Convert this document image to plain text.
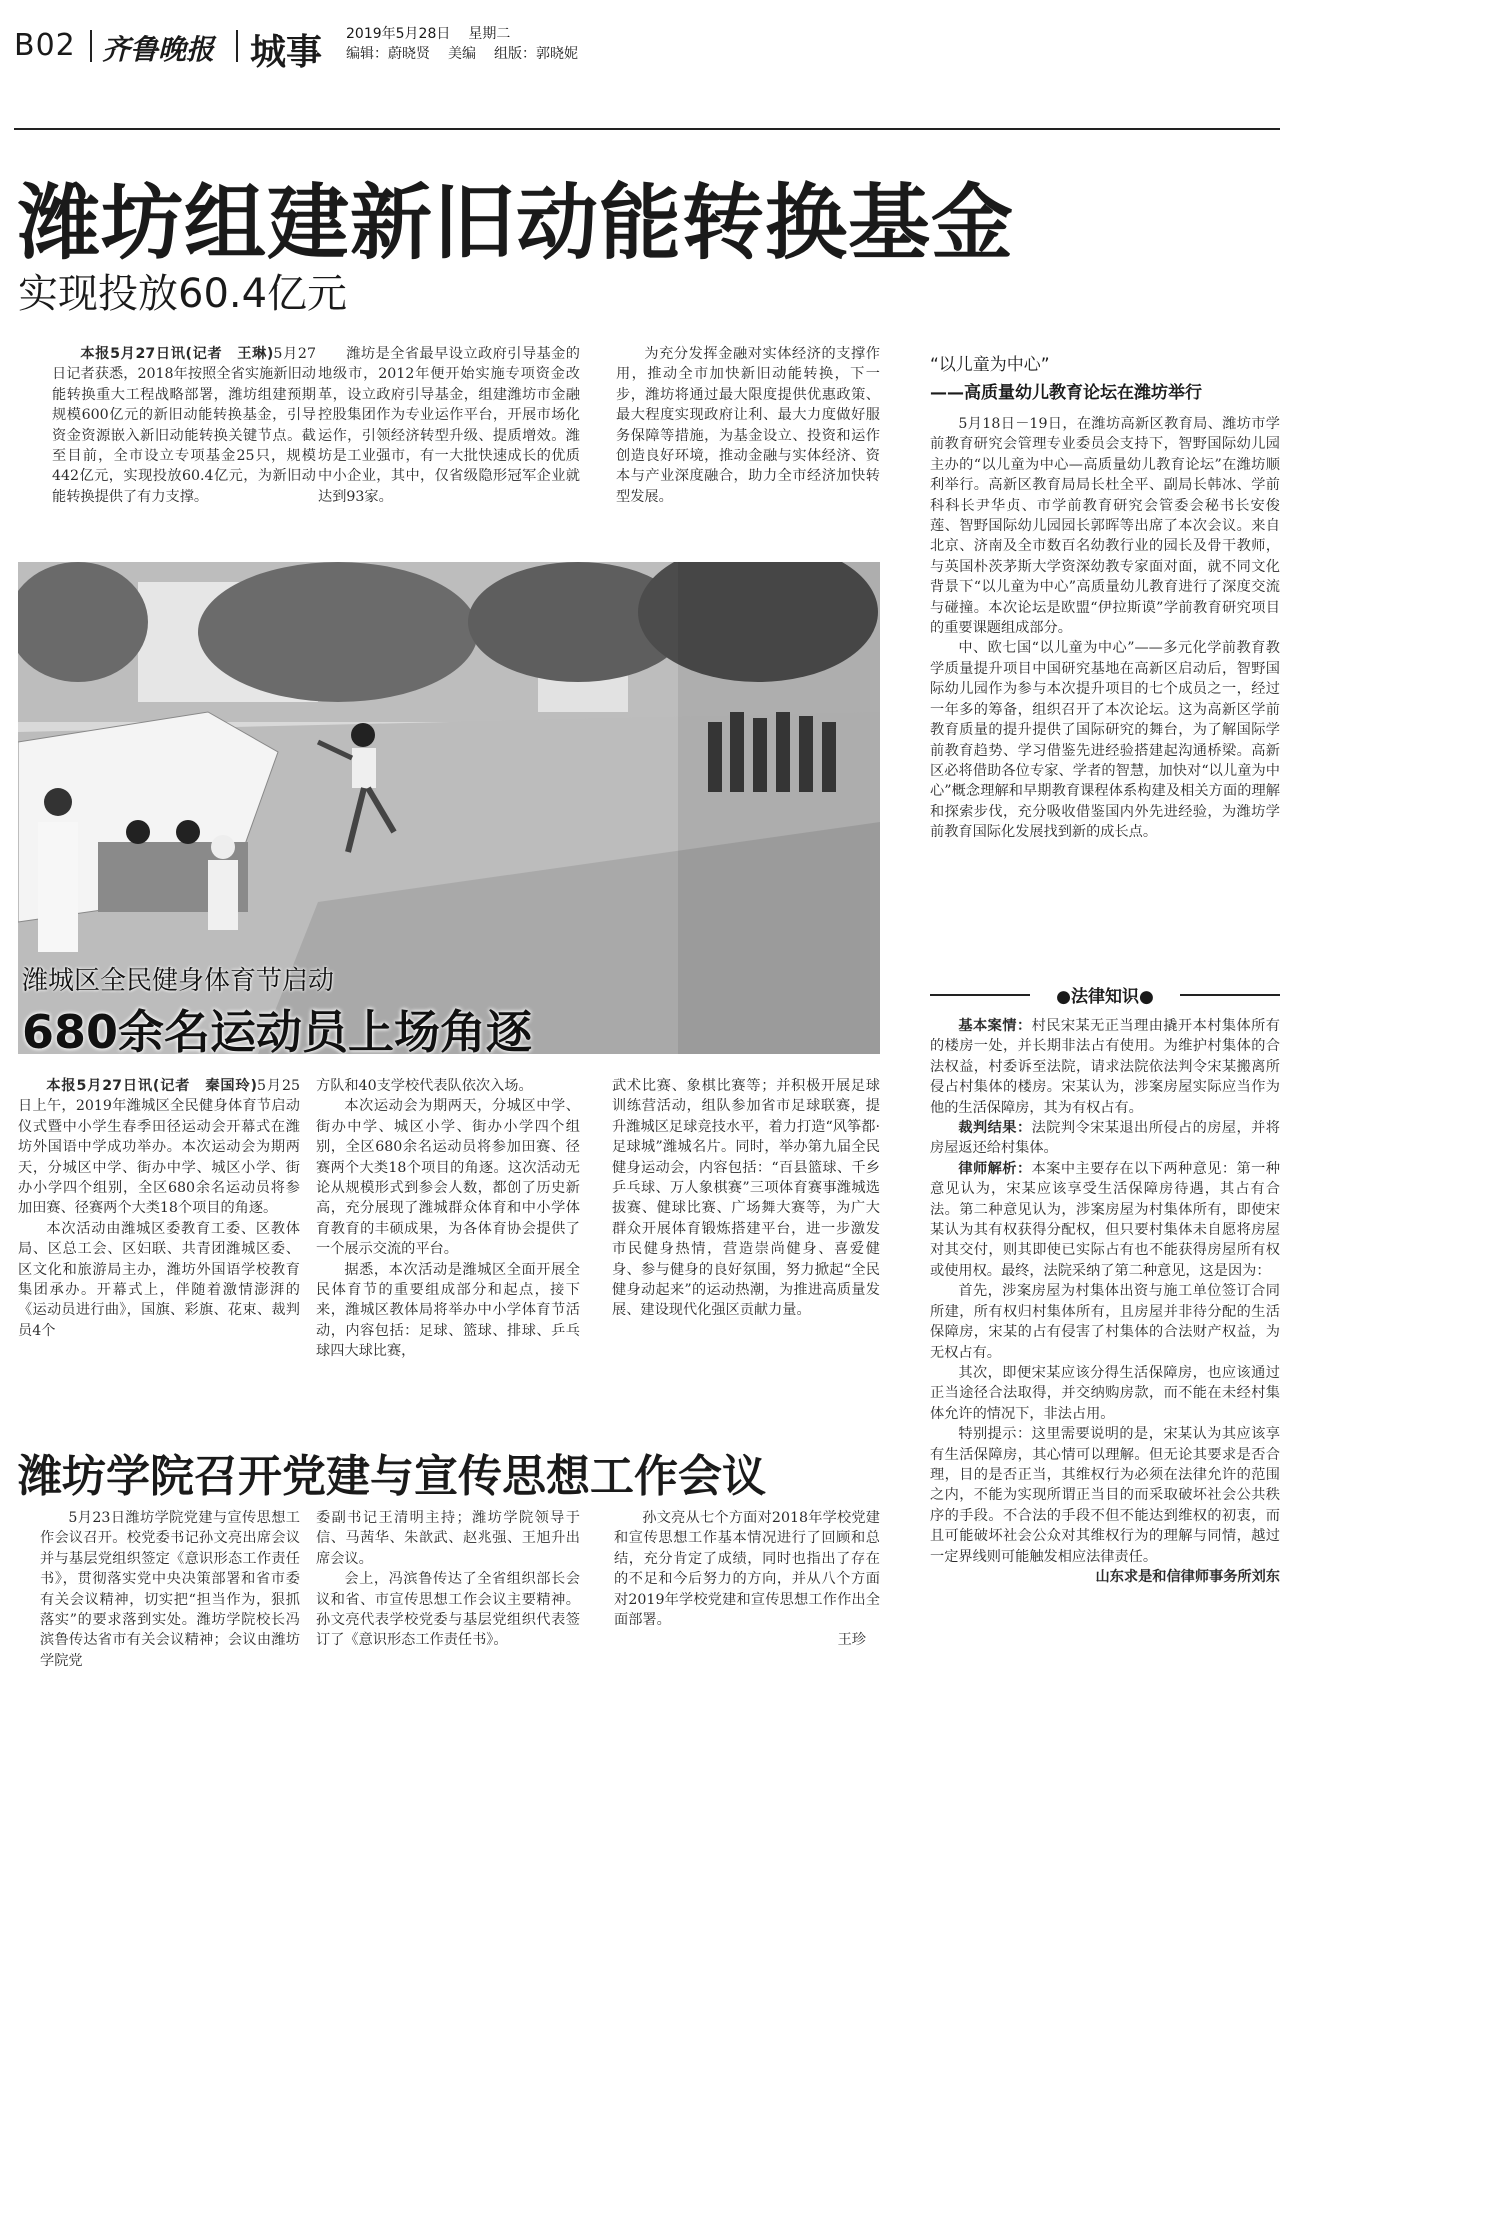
B02 齐鲁晚报 城事 2019年5月28日 星期二
编辑：蔚晓贤 美编 组版：郭晓妮
潍坊组建新旧动能转换基金
实现投放60.4亿元
本报5月27日讯(记者　王琳)5月27日记者获悉，2018年按照全省实施新旧动能转换重大工程战略部署，潍坊组建预期规模600亿元的新旧动能转换基金，引导资金资源嵌入新旧动能转换关键节点。截至目前，全市设立专项基金25只，规模442亿元，实现投放60.4亿元，为新旧动能转换提供了有力支撑。
潍坊是全省最早设立政府引导基金的地级市，2012年便开始实施专项资金改革，设立政府引导基金，组建潍坊市金融控股集团作为专业运作平台，开展市场化运作，引领经济转型升级、提质增效。潍坊是工业强市，有一大批快速成长的优质中小企业，其中，仅省级隐形冠军企业就达到93家。
为充分发挥金融对实体经济的支撑作用，推动全市加快新旧动能转换，下一步，潍坊将通过最大限度提供优惠政策、最大程度实现政府让利、最大力度做好服务保障等措施，为基金设立、投资和运作创造良好环境，推动金融与实体经济、资本与产业深度融合，助力全市经济加快转型发展。
潍城区全民健身体育节启动
680余名运动员上场角逐
本报5月27日讯(记者　秦国玲)5月25日上午，2019年潍城区全民健身体育节启动仪式暨中小学生春季田径运动会开幕式在潍坊外国语中学成功举办。本次运动会为期两天，分城区中学、街办中学、城区小学、街办小学四个组别，全区680余名运动员将参加田赛、径赛两个大类18个项目的角逐。
本次活动由潍城区委教育工委、区教体局、区总工会、区妇联、共青团潍城区委、区文化和旅游局主办，潍坊外国语学校教育集团承办。开幕式上，伴随着激情澎湃的《运动员进行曲》，国旗、彩旗、花束、裁判员4个
方队和40支学校代表队依次入场。
本次运动会为期两天，分城区中学、街办中学、城区小学、街办小学四个组别，全区680余名运动员将参加田赛、径赛两个大类18个项目的角逐。这次活动无论从规模形式到参会人数，都创了历史新高，充分展现了潍城群众体育和中小学体育教育的丰硕成果，为各体育协会提供了一个展示交流的平台。
据悉，本次活动是潍城区全面开展全民体育节的重要组成部分和起点，接下来，潍城区教体局将举办中小学体育节活动，内容包括：足球、篮球、排球、乒乓球四大球比赛，
武术比赛、象棋比赛等；并积极开展足球训练营活动，组队参加省市足球联赛，提升潍城区足球竞技水平，着力打造“风筝都·足球城”潍城名片。同时，举办第九届全民健身运动会，内容包括：“百县篮球、千乡乒乓球、万人象棋赛”三项体育赛事潍城选拔赛、健球比赛、广场舞大赛等，为广大群众开展体育锻炼搭建平台，进一步激发市民健身热情，营造崇尚健身、喜爱健身、参与健身的良好氛围，努力掀起“全民健身动起来”的运动热潮，为推进高质量发展、建设现代化强区贡献力量。
潍坊学院召开党建与宣传思想工作会议
5月23日潍坊学院党建与宣传思想工作会议召开。校党委书记孙文亮出席会议并与基层党组织签定《意识形态工作责任书》，贯彻落实党中央决策部署和省市委有关会议精神，切实把“担当作为，狠抓落实”的要求落到实处。潍坊学院校长冯滨鲁传达省市有关会议精神；会议由潍坊学院党
委副书记王清明主持；潍坊学院领导于信、马茜华、朱歆武、赵兆强、王旭升出席会议。
会上，冯滨鲁传达了全省组织部长会议和省、市宣传思想工作会议主要精神。孙文亮代表学校党委与基层党组织代表签订了《意识形态工作责任书》。
孙文亮从七个方面对2018年学校党建和宣传思想工作基本情况进行了回顾和总结，充分肯定了成绩，同时也指出了存在的不足和今后努力的方向，并从八个方面对2019年学校党建和宣传思想工作作出全面部署。
王珍
“以儿童为中心”
——高质量幼儿教育论坛在潍坊举行
5月18日－19日，在潍坊高新区教育局、潍坊市学前教育研究会管理专业委员会支持下，智野国际幼儿园主办的“以儿童为中心—高质量幼儿教育论坛”在潍坊顺利举行。高新区教育局局长杜全平、副局长韩冰、学前科科长尹华贞、市学前教育研究会管委会秘书长安俊莲、智野国际幼儿园园长郭晖等出席了本次会议。来自北京、济南及全市数百名幼教行业的园长及骨干教师，与英国朴茨茅斯大学资深幼教专家面对面，就不同文化背景下“以儿童为中心”高质量幼儿教育进行了深度交流与碰撞。本次论坛是欧盟“伊拉斯谟”学前教育研究项目的重要课题组成部分。
中、欧七国“以儿童为中心”——多元化学前教育教学质量提升项目中国研究基地在高新区启动后，智野国际幼儿园作为参与本次提升项目的七个成员之一，经过一年多的筹备，组织召开了本次论坛。这为高新区学前教育质量的提升提供了国际研究的舞台，为了解国际学前教育趋势、学习借鉴先进经验搭建起沟通桥梁。高新区必将借助各位专家、学者的智慧，加快对“以儿童为中心”概念理解和早期教育课程体系构建及相关方面的理解和探索步伐，充分吸收借鉴国内外先进经验，为潍坊学前教育国际化发展找到新的成长点。
●法律知识●
基本案情：村民宋某无正当理由撬开本村集体所有的楼房一处，并长期非法占有使用。为维护村集体的合法权益，村委诉至法院，请求法院依法判令宋某搬离所侵占村集体的楼房。宋某认为，涉案房屋实际应当作为他的生活保障房，其为有权占有。
裁判结果：法院判令宋某退出所侵占的房屋，并将房屋返还给村集体。
律师解析：本案中主要存在以下两种意见：第一种意见认为，宋某应该享受生活保障房待遇，其占有合法。第二种意见认为，涉案房屋为村集体所有，即使宋某认为其有权获得分配权，但只要村集体未自愿将房屋对其交付，则其即使已实际占有也不能获得房屋所有权或使用权。最终，法院采纳了第二种意见，这是因为：
首先，涉案房屋为村集体出资与施工单位签订合同所建，所有权归村集体所有，且房屋并非待分配的生活保障房，宋某的占有侵害了村集体的合法财产权益，为无权占有。
其次，即便宋某应该分得生活保障房，也应该通过正当途径合法取得，并交纳购房款，而不能在未经村集体允许的情况下，非法占用。
特别提示：这里需要说明的是，宋某认为其应该享有生活保障房，其心情可以理解。但无论其要求是否合理，目的是否正当，其维权行为必须在法律允许的范围之内，不能为实现所谓正当目的而采取破坏社会公共秩序的手段。不合法的手段不但不能达到维权的初衷，而且可能破坏社会公众对其维权行为的理解与同情，越过一定界线则可能触发相应法律责任。
山东求是和信律师事务所刘东
